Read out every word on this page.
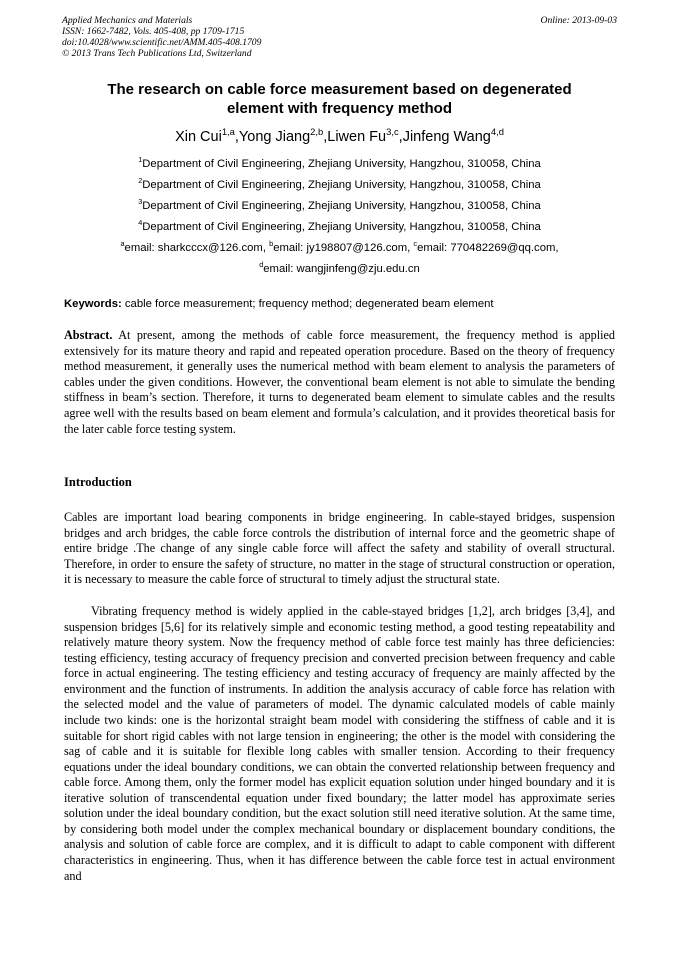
Applied Mechanics and Materials
ISSN: 1662-7482, Vols. 405-408, pp 1709-1715
doi:10.4028/www.scientific.net/AMM.405-408.1709
© 2013 Trans Tech Publications Ltd, Switzerland
Online: 2013-09-03
The research on cable force measurement based on degenerated
element with frequency method
Xin Cui$^{1,a}$,Yong Jiang$^{2,b}$,Liwen Fu$^{3,c}$,Jinfeng Wang$^{4,d}$
$^1$Department of Civil Engineering, Zhejiang University, Hangzhou, 310058, China
$^2$Department of Civil Engineering, Zhejiang University, Hangzhou, 310058, China
$^3$Department of Civil Engineering, Zhejiang University, Hangzhou, 310058, China
$^4$Department of Civil Engineering, Zhejiang University, Hangzhou, 310058, China
$^a$email: sharkcccx@126.com, $^b$email: jy198807@126.com, $^c$email: 770482269@qq.com,
$^d$email: wangjinfeng@zju.edu.cn
Keywords: cable force measurement; frequency method; degenerated beam element

Abstract. At present, among the methods of cable force measurement, the frequency method is applied extensively for its mature theory and rapid and repeated operation procedure. Based on the theory of frequency method measurement, it generally uses the numerical method with beam element to analysis the parameters of cables under the given conditions. However, the conventional beam element is not able to simulate the bending stiffness in beam’s section. Therefore, it turns to degenerated beam element to simulate cables and the results agree well with the results based on beam element and formula’s calculation, and it provides theoretical basis for the later cable force testing system.

Introduction

Cables are important load bearing components in bridge engineering. In cable-stayed bridges, suspension bridges and arch bridges, the cable force controls the distribution of internal force and the geometric shape of entire bridge .The change of any single cable force will affect the safety and stability of overall structural. Therefore, in order to ensure the safety of structure, no matter in the stage of structural construction or operation, it is necessary to measure the cable force of structural to timely adjust the structural state.

Vibrating frequency method is widely applied in the cable-stayed bridges [1,2], arch bridges [3,4], and suspension bridges [5,6] for its relatively simple and economic testing method, a good testing repeatability and relatively mature theory system. Now the frequency method of cable force test mainly has three deficiencies: testing efficiency, testing accuracy of frequency precision and converted precision between frequency and cable force in actual engineering. The testing efficiency and testing accuracy of frequency are mainly affected by the environment and the function of instruments. In addition the analysis accuracy of cable force has relation with the selected model and the value of parameters of model. The dynamic calculated models of cable mainly include two kinds: one is the horizontal straight beam model with considering the stiffness of cable and it is suitable for short rigid cables with not large tension in engineering; the other is the model with considering the sag of cable and it is suitable for flexible long cables with smaller tension. According to their frequency equations under the ideal boundary conditions, we can obtain the converted relationship between frequency and cable force. Among them, only the former model has explicit equation solution under hinged boundary and it is iterative solution of transcendental equation under fixed boundary; the latter model has approximate series solution under the ideal boundary condition, but the exact solution still need iterative solution. At the same time, by considering both model under the complex mechanical boundary or displacement boundary conditions, the analysis and solution of cable force are complex, and it is difficult to adapt to cable component with different characteristics in engineering. Thus, when it has difference between the cable force test in actual environment and
